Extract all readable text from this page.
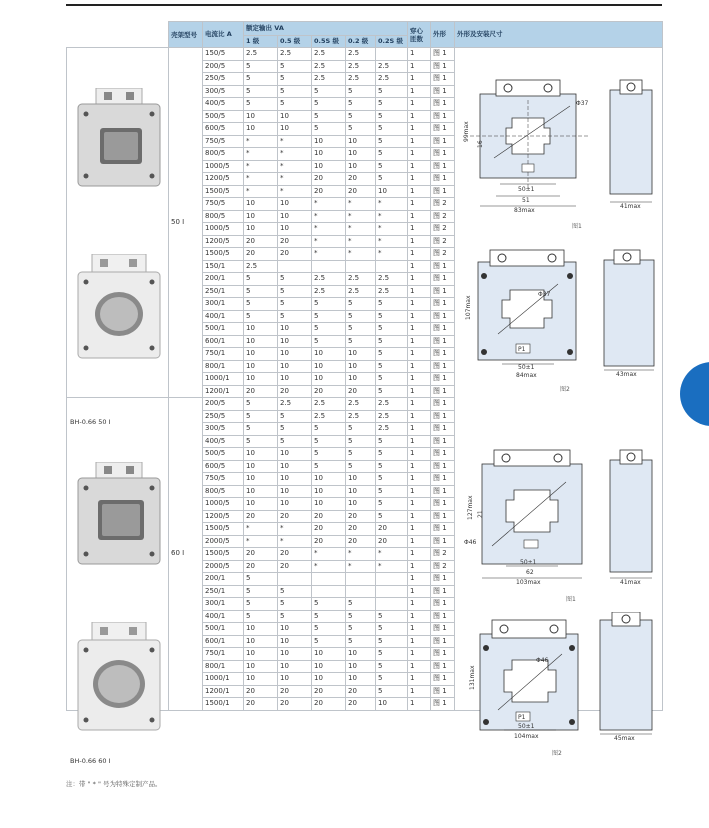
	壳架型号	电流比 A	额定输出 VA					穿心匝数	外形	外形及安装尺寸
			1 级	0.5 级	0.5S 级	0.2 级	0.2S 级			
	50 Ⅰ	150/5	2.5	2.5	2.5	2.5		1	图 1	
		200/5	5	5	2.5	2.5	2.5	1	图 1	
		250/5	5	5	2.5	2.5	2.5	1	图 1	
		300/5	5	5	5	5	5	1	图 1	
		400/5	5	5	5	5	5	1	图 1	
		500/5	10	10	5	5	5	1	图 1	
		600/5	10	10	5	5	5	1	图 1	
		750/5	*	*	10	10	5	1	图 1	
		800/5	*	*	10	10	5	1	图 1	
		1000/5	*	*	10	10	5	1	图 1	
		1200/5	*	*	20	20	5	1	图 1	
		1500/5	*	*	20	20	10	1	图 1	
		750/5	10	10	*	*	*	1	图 2	
		800/5	10	10	*	*	*	1	图 2	
		1000/5	10	10	*	*	*	1	图 2	
		1200/5	20	20	*	*	*	1	图 2	
		1500/5	20	20	*	*	*	1	图 2	
		150/1	2.5					1	图 1	
		200/1	5	5	2.5	2.5	2.5	1	图 1	
		250/1	5	5	2.5	2.5	2.5	1	图 1	
		300/1	5	5	5	5	5	1	图 1	
		400/1	5	5	5	5	5	1	图 1	
		500/1	10	10	5	5	5	1	图 1	
		600/1	10	10	5	5	5	1	图 1	
		750/1	10	10	10	10	5	1	图 1	
		800/1	10	10	10	10	5	1	图 1	
		1000/1	10	10	10	10	5	1	图 1	
		1200/1	20	20	20	20	5	1	图 1	
	60 Ⅰ	200/5	5	2.5	2.5	2.5	2.5	1	图 1	
		250/5	5	5	2.5	2.5	2.5	1	图 1	
		300/5	5	5	5	5	2.5	1	图 1	
		400/5	5	5	5	5	5	1	图 1	
		500/5	10	10	5	5	5	1	图 1	
		600/5	10	10	5	5	5	1	图 1	
		750/5	10	10	10	10	5	1	图 1	
		800/5	10	10	10	10	5	1	图 1	
		1000/5	10	10	10	10	5	1	图 1	
		1200/5	20	20	20	20	5	1	图 1	
		1500/5	*	*	20	20	20	1	图 1	
		2000/5	*	*	20	20	20	1	图 1	
		1500/5	20	20	*	*	*	1	图 2	
		2000/5	20	20	*	*	*	1	图 2	
		200/1	5					1	图 1	
		250/1	5	5				1	图 1	
		300/1	5	5	5	5		1	图 1	
		400/1	5	5	5	5	5	1	图 1	
		500/1	10	10	5	5	5	1	图 1	
		600/1	10	10	5	5	5	1	图 1	
		750/1	10	10	10	10	5	1	图 1	
		800/1	10	10	10	10	5	1	图 1	
		1000/1	10	10	10	10	5	1	图 1	
		1200/1	20	20	20	20	5	1	图 1	
		1500/1	20	20	20	20	10	1	图 1	
注：带 " * " 号为特殊定制产品。
BH-0.66 50 Ⅰ
BH-0.66 60 Ⅰ
Φ37
99max
16
50±1
51
83max
41max
图1
P1
Φ37
107max
50±1
84max	43max
图2
Φ46
127max 21
50±1
62
103max	41max
图1
P1
Φ46
131max
50±1
104max	45max
图2
